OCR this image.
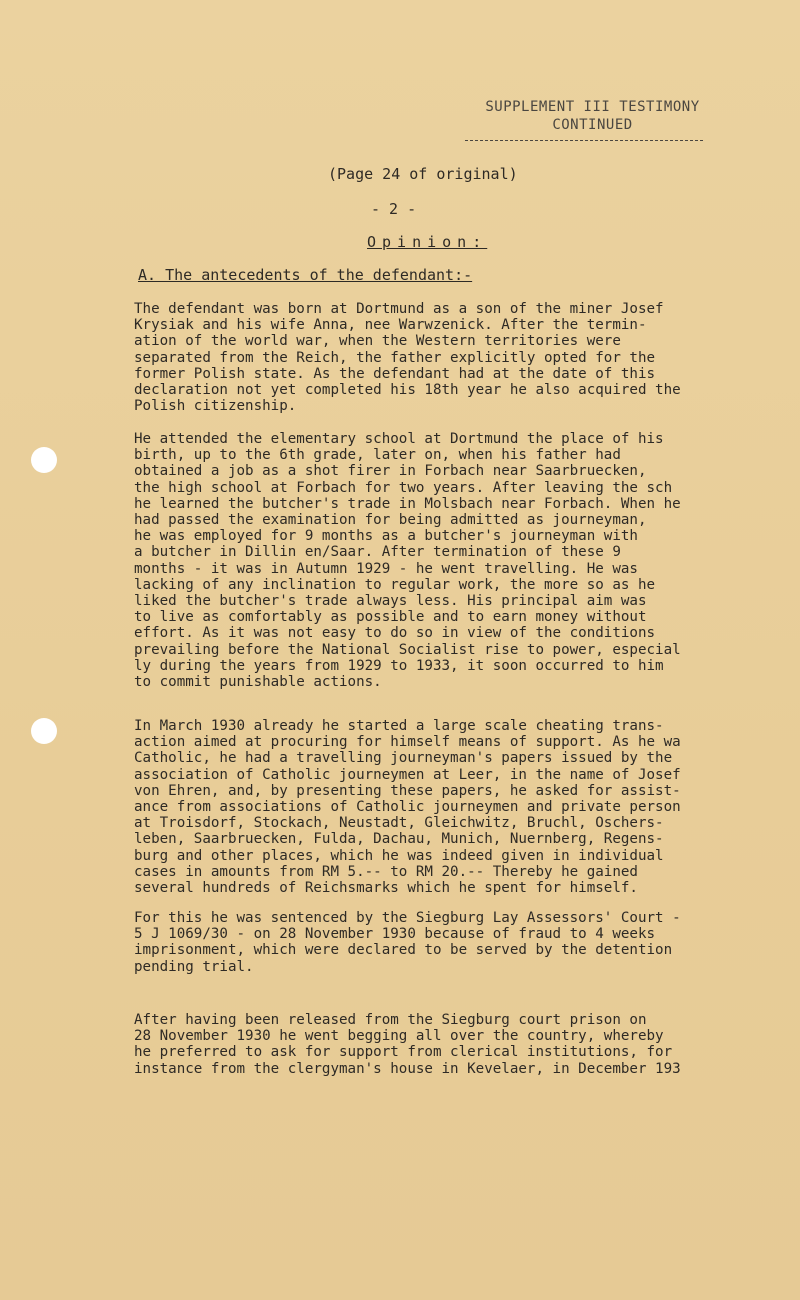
SUPPLEMENT III TESTIMONY
CONTINUED
(Page 24 of original)
- 2 -
Opinion:
A. The antecedents of the defendant:-
The defendant was born at Dortmund as a son of the miner Josef
Krysiak and his wife Anna, nee Warwzenick. After the termin-
ation of the world war, when the Western territories were
separated from the Reich, the father explicitly opted for the
former Polish state. As the defendant had at the date of this
declaration not yet completed his 18th year he also acquired the
Polish citizenship.
He attended the elementary school at Dortmund the place of his
birth, up to the 6th grade, later on, when his father had
obtained a job as a shot firer in Forbach near Saarbruecken,
the high school at Forbach for two years. After leaving the sch
he learned the butcher's trade in Molsbach near Forbach. When he
had passed the examination for being admitted as journeyman,
he was employed for 9 months as a butcher's journeyman with
a butcher in Dillin en/Saar. After termination of these 9
months - it was in Autumn 1929 - he went travelling. He was
lacking of any inclination to regular work, the more so as he
liked the butcher's trade always less. His principal aim was
to live as comfortably as possible and to earn money without
effort. As it was not easy to do so in view of the conditions
prevailing before the National Socialist rise to power, especial
ly during the years from 1929 to 1933, it soon occurred to him
to commit punishable actions.
In March 1930 already he started a large scale cheating trans-
action aimed at procuring for himself means of support. As he wa
Catholic, he had a travelling journeyman's papers issued by the
association of Catholic journeymen at Leer, in the name of Josef
von Ehren, and, by presenting these papers, he asked for assist-
ance from associations of Catholic journeymen and private person
at Troisdorf, Stockach, Neustadt, Gleichwitz, Bruchl, Oschers-
leben, Saarbruecken, Fulda, Dachau, Munich, Nuernberg, Regens-
burg and other places, which he was indeed given in individual
cases in amounts from RM 5.-- to RM 20.-- Thereby he gained
several hundreds of Reichsmarks which he spent for himself.
For this he was sentenced by the Siegburg Lay Assessors' Court -
5 J 1069/30 - on 28 November 1930 because of fraud to 4 weeks
imprisonment, which were declared to be served by the detention
pending trial.
After having been released from the Siegburg court prison on
28 November 1930 he went begging all over the country, whereby
he preferred to ask for support from clerical institutions, for
instance from the clergyman's house in Kevelaer, in December 193
